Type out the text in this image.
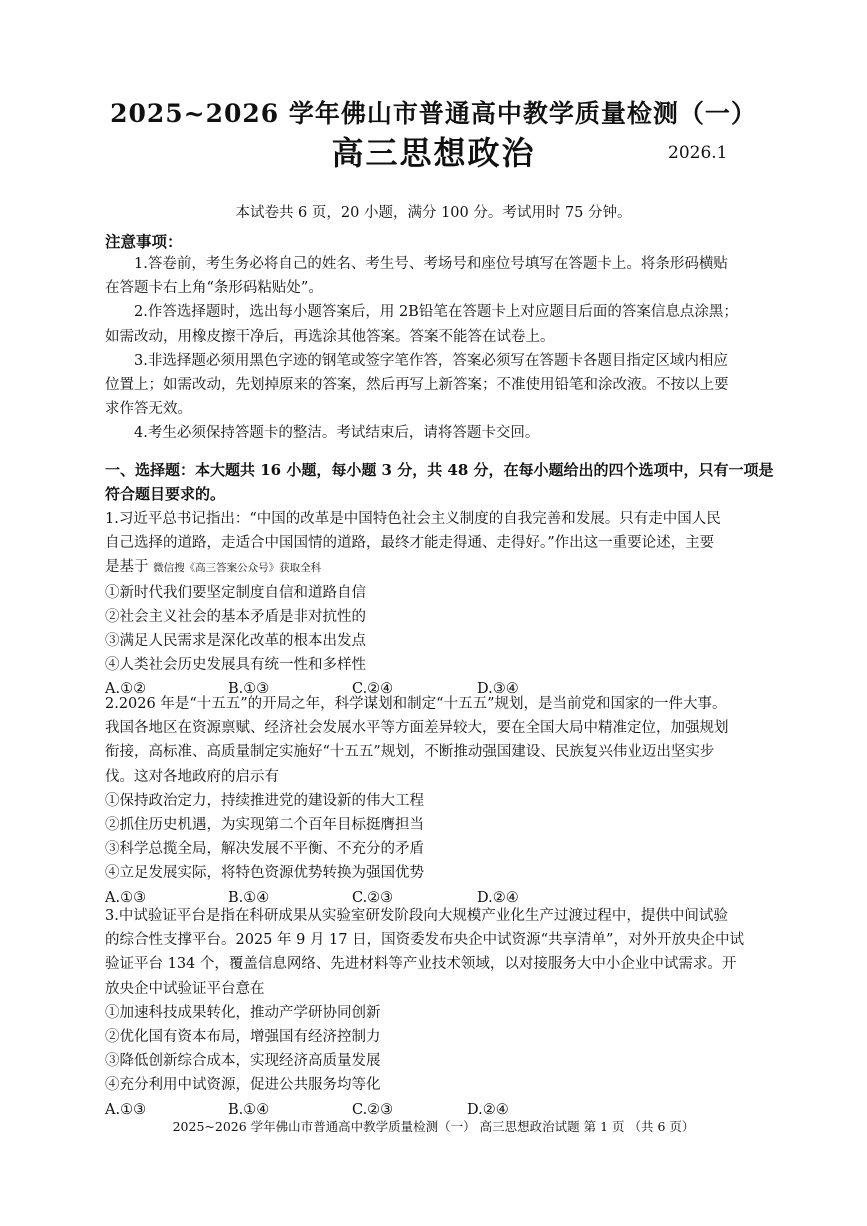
2025~2026 学年佛山市普通高中教学质量检测（一）
高三思想政治	2026.1
本试卷共 6 页，20 小题，满分 100 分。考试用时 75 分钟。
注意事项：
1.答卷前，考生务必将自己的姓名、考生号、考场号和座位号填写在答题卡上。将条形码横贴
在答题卡右上角“条形码粘贴处”。
2.作答选择题时，选出每小题答案后，用 2B铅笔在答题卡上对应题目后面的答案信息点涂黑；
如需改动，用橡皮擦干净后，再选涂其他答案。答案不能答在试卷上。
3.非选择题必须用黑色字迹的钢笔或签字笔作答，答案必须写在答题卡各题目指定区域内相应
位置上；如需改动，先划掉原来的答案，然后再写上新答案；不准使用铅笔和涂改液。不按以上要
求作答无效。
4.考生必须保持答题卡的整洁。考试结束后，请将答题卡交回。
一、选择题：本大题共 16 小题，每小题 3 分，共 48 分，在每小题给出的四个选项中，只有一项是
符合题目要求的。
1.习近平总书记指出：“中国的改革是中国特色社会主义制度的自我完善和发展。只有走中国人民
自己选择的道路，走适合中国国情的道路，最终才能走得通、走得好。”作出这一重要论述，主要
是基于 微信搜《高三答案公众号》获取全科
①新时代我们要坚定制度自信和道路自信
②社会主义社会的基本矛盾是非对抗性的
③满足人民需求是深化改革的根本出发点
④人类社会历史发展具有统一性和多样性
A.①②	B.①③	C.②④	D.③④
2.2026 年是“十五五”的开局之年，科学谋划和制定“十五五”规划，是当前党和国家的一件大事。
我国各地区在资源禀赋、经济社会发展水平等方面差异较大，要在全国大局中精准定位，加强规划
衔接，高标准、高质量制定实施好“十五五”规划，不断推动强国建设、民族复兴伟业迈出坚实步
伐。这对各地政府的启示有
①保持政治定力，持续推进党的建设新的伟大工程
②抓住历史机遇，为实现第二个百年目标挺膺担当
③科学总揽全局，解决发展不平衡、不充分的矛盾
④立足发展实际，将特色资源优势转换为强国优势
A.①③	B.①④	C.②③	D.②④
3.中试验证平台是指在科研成果从实验室研发阶段向大规模产业化生产过渡过程中，提供中间试验
的综合性支撑平台。2025 年 9 月 17 日，国资委发布央企中试资源“共享清单”，对外开放央企中试
验证平台 134 个，覆盖信息网络、先进材料等产业技术领域，以对接服务大中小企业中试需求。开
放央企中试验证平台意在
①加速科技成果转化，推动产学研协同创新
②优化国有资本布局，增强国有经济控制力
③降低创新综合成本，实现经济高质量发展
④充分利用中试资源，促进公共服务均等化
A.①③	B.①④	C.②③	D.②④
2025~2026 学年佛山市普通高中教学质量检测（一） 高三思想政治试题 第 1 页 （共 6 页）
